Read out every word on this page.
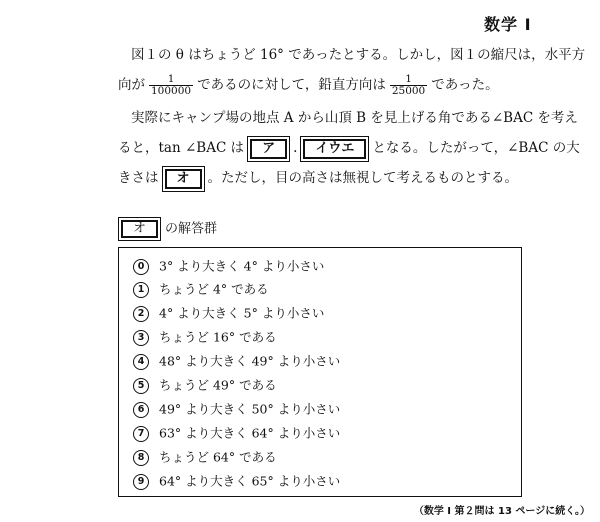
数学 I
図１の θ はちょうど 16° であったとする。しかし，図１の縮尺は，水平方
向が $\frac{1}{100000}$ であるのに対して，鉛直方向は $\frac{1}{25000}$ であった。
実際にキャンプ場の地点 A から山頂 B を見上げる角である∠BAC を考え
ると，tan ∠BAC は ア . イウエ となる。したがって，∠BAC の大
きさは オ 。ただし，目の高さは無視して考えるものとする。
オ の解答群
0 3° より大きく 4° より小さい
1 ちょうど 4° である
2 4° より大きく 5° より小さい
3 ちょうど 16° である
4 48° より大きく 49° より小さい
5 ちょうど 49° である
6 49° より大きく 50° より小さい
7 63° より大きく 64° より小さい
8 ちょうど 64° である
9 64° より大きく 65° より小さい
（数学 I 第２問は 13 ページに続く。）
